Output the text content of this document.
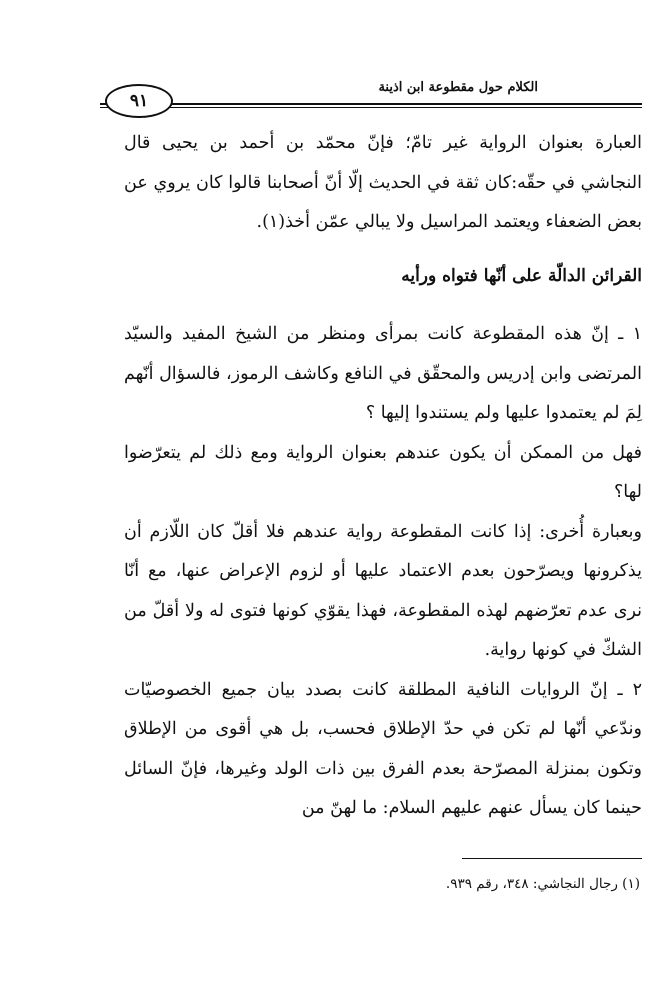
الكلام حول مقطوعة ابن اذينة
٩١

العبارة بعنوان الرواية غير تامّ؛ فإنّ محمّد بن أحمد بن يحيى قال النجاشي في حقّه:كان ثقة في الحديث إلّا أنّ أصحابنا قالوا كان يروي عن بعض الضعفاء ويعتمد المراسيل ولا يبالي عمّن أخذ(١).

القرائن الدالّة على أنّها فتواه ورأيه

١ ـ إنّ هذه المقطوعة كانت بمرأى ومنظر من الشيخ المفيد والسيّد المرتضى وابن إدريس والمحقّق في النافع وكاشف الرموز، فالسؤال أنّهم لِمَ لم يعتمدوا عليها ولم يستندوا إليها ؟

فهل من الممكن أن يكون عندهم بعنوان الرواية ومع ذلك لم يتعرّضوا لها؟

وبعبارة أُخرى: إذا كانت المقطوعة رواية عندهم فلا أقلّ كان اللّازم أن يذكرونها ويصرّحون بعدم الاعتماد عليها أو لزوم الإعراض عنها، مع أنّا نرى عدم تعرّضهم لهذه المقطوعة، فهذا يقوّي كونها فتوى له ولا أقلّ من الشكّ في كونها رواية.

٢ ـ إنّ الروايات النافية المطلقة كانت بصدد بيان جميع الخصوصيّات وندّعي أنّها لم تكن في حدّ الإطلاق فحسب، بل هي أقوى من الإطلاق وتكون بمنزلة المصرّحة بعدم الفرق بين ذات الولد وغيرها، فإنّ السائل حينما كان يسأل عنهم عليهم السلام: ما لهنّ من

(١) رجال النجاشي: ٣٤٨، رقم ٩٣٩.
